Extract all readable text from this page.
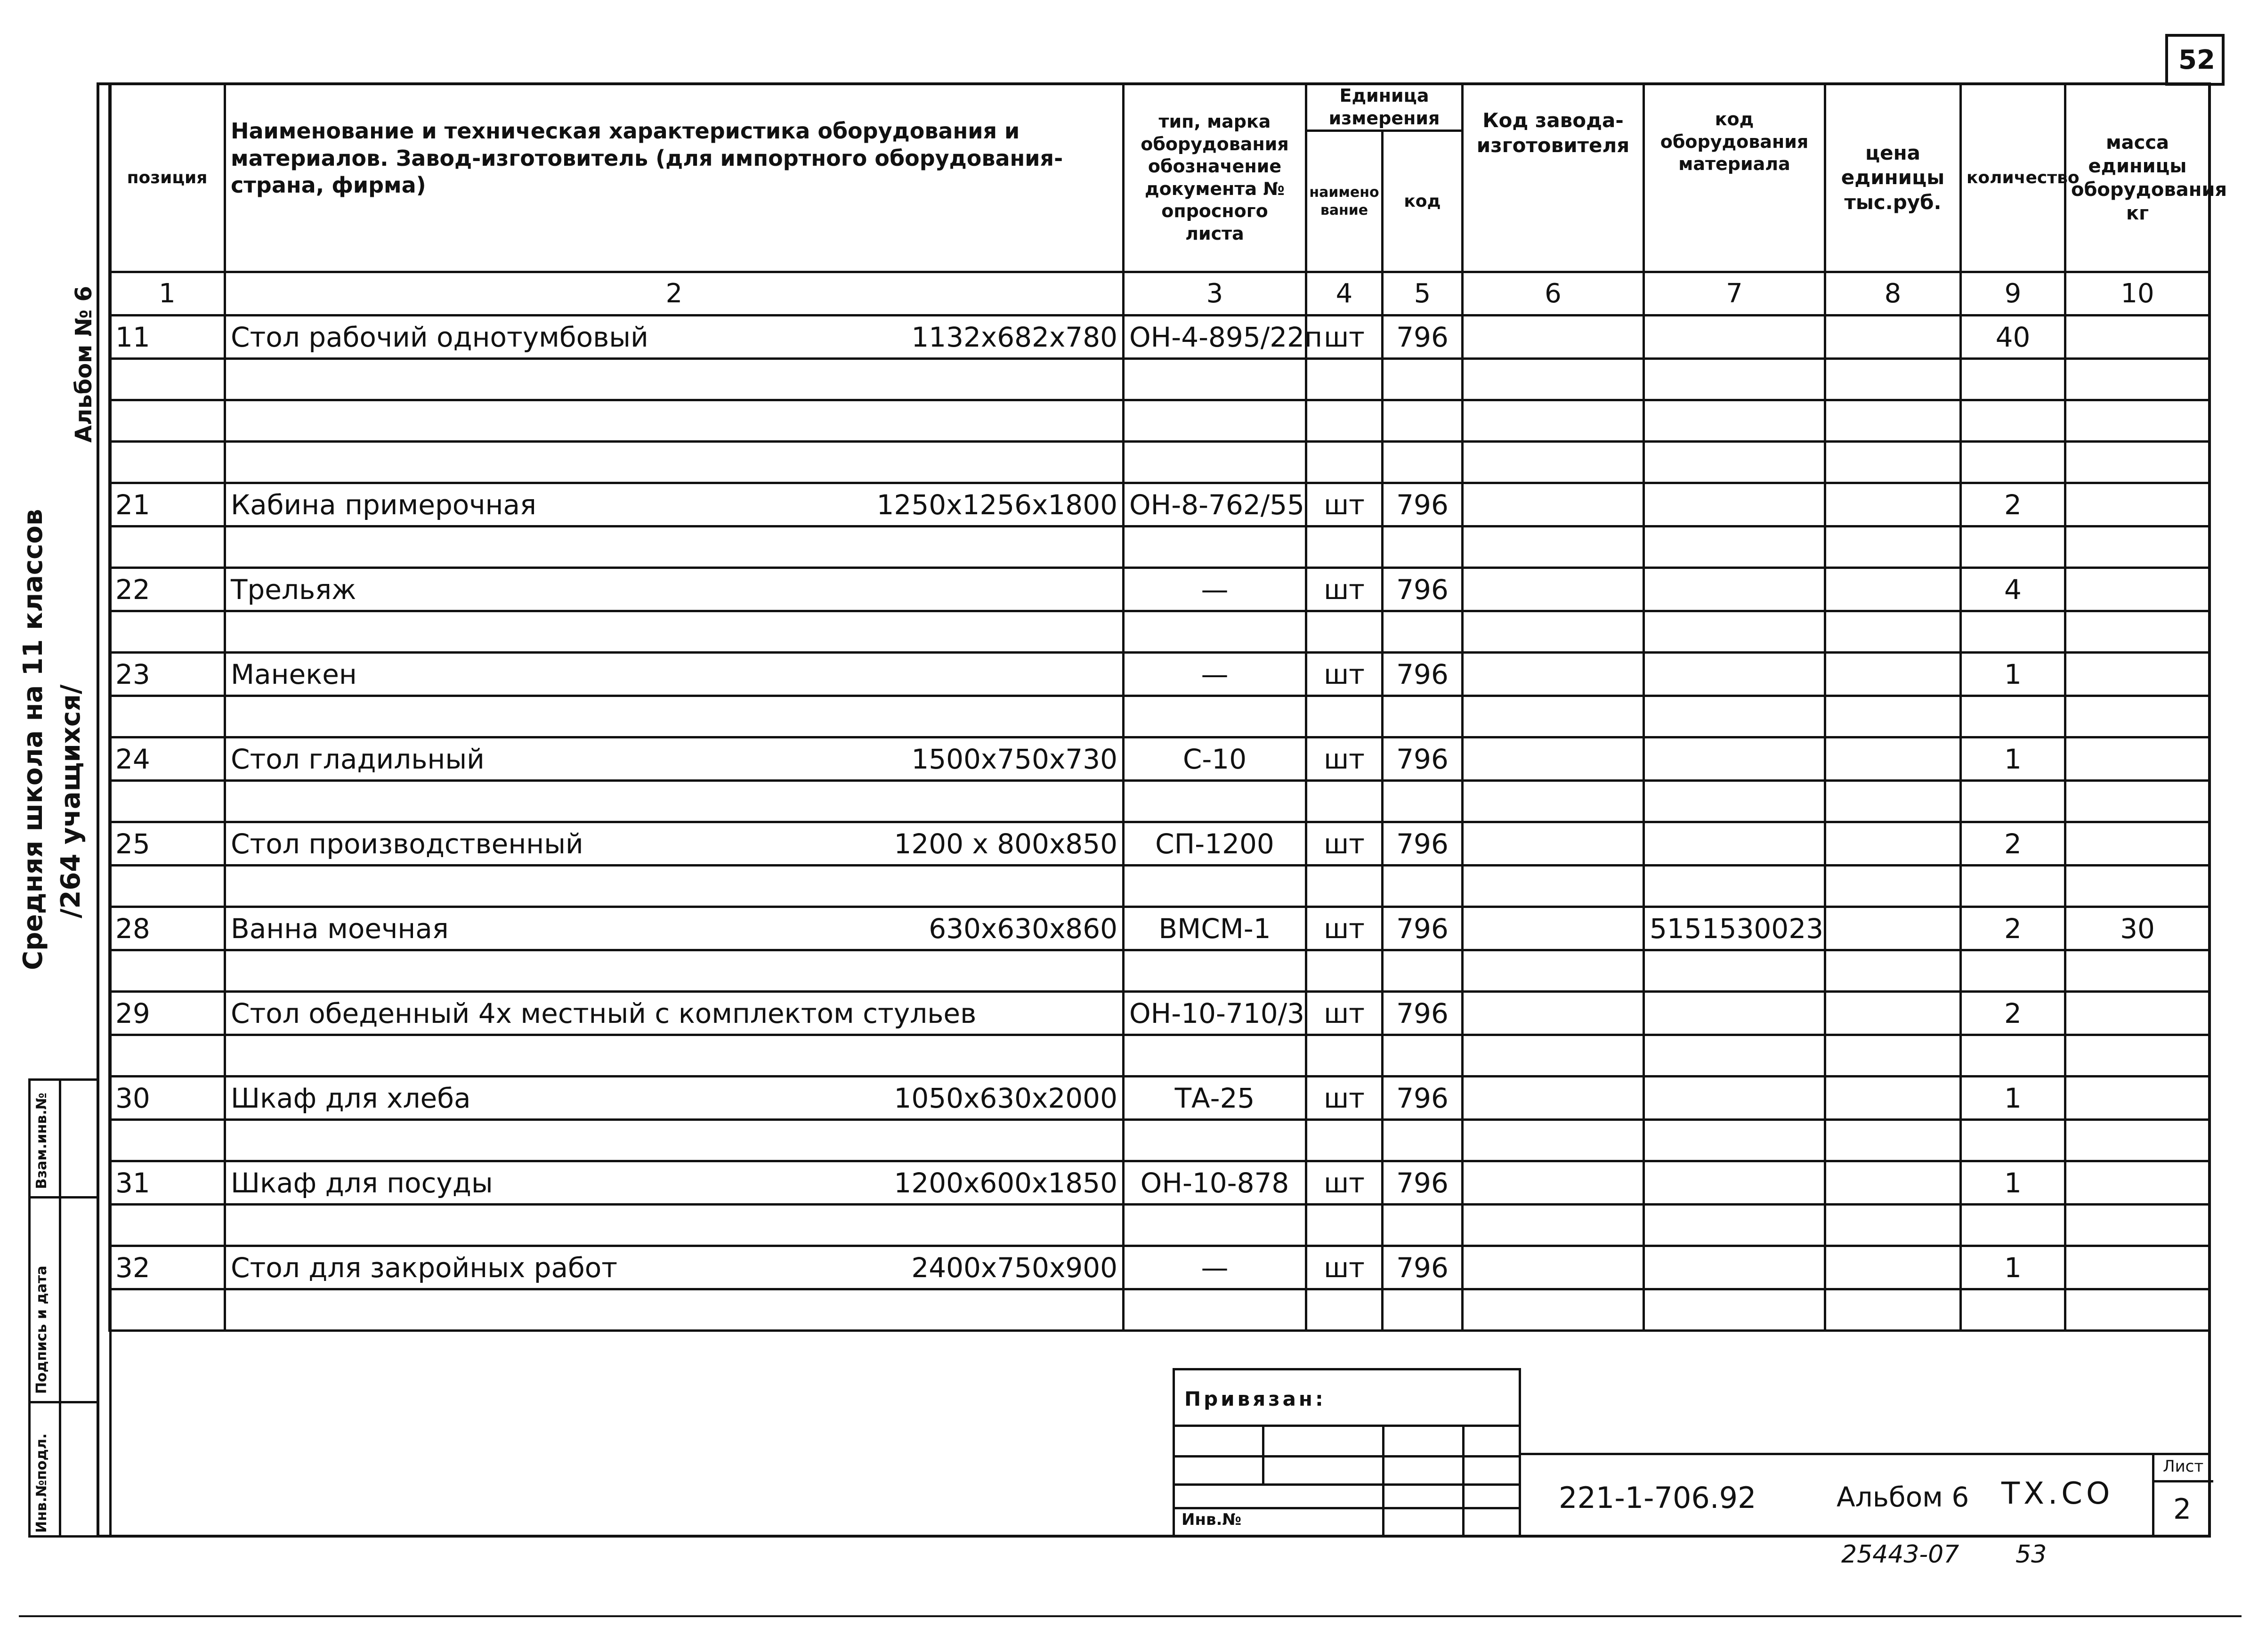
52
позиция	Наименование и техническая характеристика оборудования и материалов. Завод-изготовитель (для импортного оборудования- страна, фирма)	тип, марка оборудования обозначение документа № опросного листа	Единица измерения		Код завода-изготовителя	код оборудования материала	цена единицы тыс.руб.	количество	масса единицы оборудования кг
			наименование	код					
1	2	3	4	5	6	7	8	9	10
11	Стол рабочий однотумбовый 1132x682x780	ОН-4-895/22п	шт	796				40	

21	Кабина примерочная 1250x1256x1800	ОН-8-762/55	шт	796				2	

22	Трельяж	—	шт	796				4	

23	Манекен	—	шт	796				1	

24	Стол гладильный 1500x750x730	С-10	шт	796				1	

25	Стол производственный 1200 x 800x850	СП-1200	шт	796				2	

28	Ванна моечная 630x630x860	ВМСМ-1	шт	796		5151530023		2	30

29	Стол обеденный 4х местный с комплектом стульев	ОН-10-710/3	шт	796				2	

30	Шкаф для хлеба 1050x630x2000	ТА-25	шт	796				1	

31	Шкаф для посуды 1200x600x1850	ОН-10-878	шт	796				1	

32	Стол для закройных работ 2400x750x900	—	шт	796				1	

Альбом № 6
Средняя школа на 11 классов /264 учащихся/
Инв.№подл.
Подпись и дата
Взам.инв.№
Привязан:
Инв.№
221-1-706.92	Альбом 6 ТХ.СО
Лист
2
25443-07 53
